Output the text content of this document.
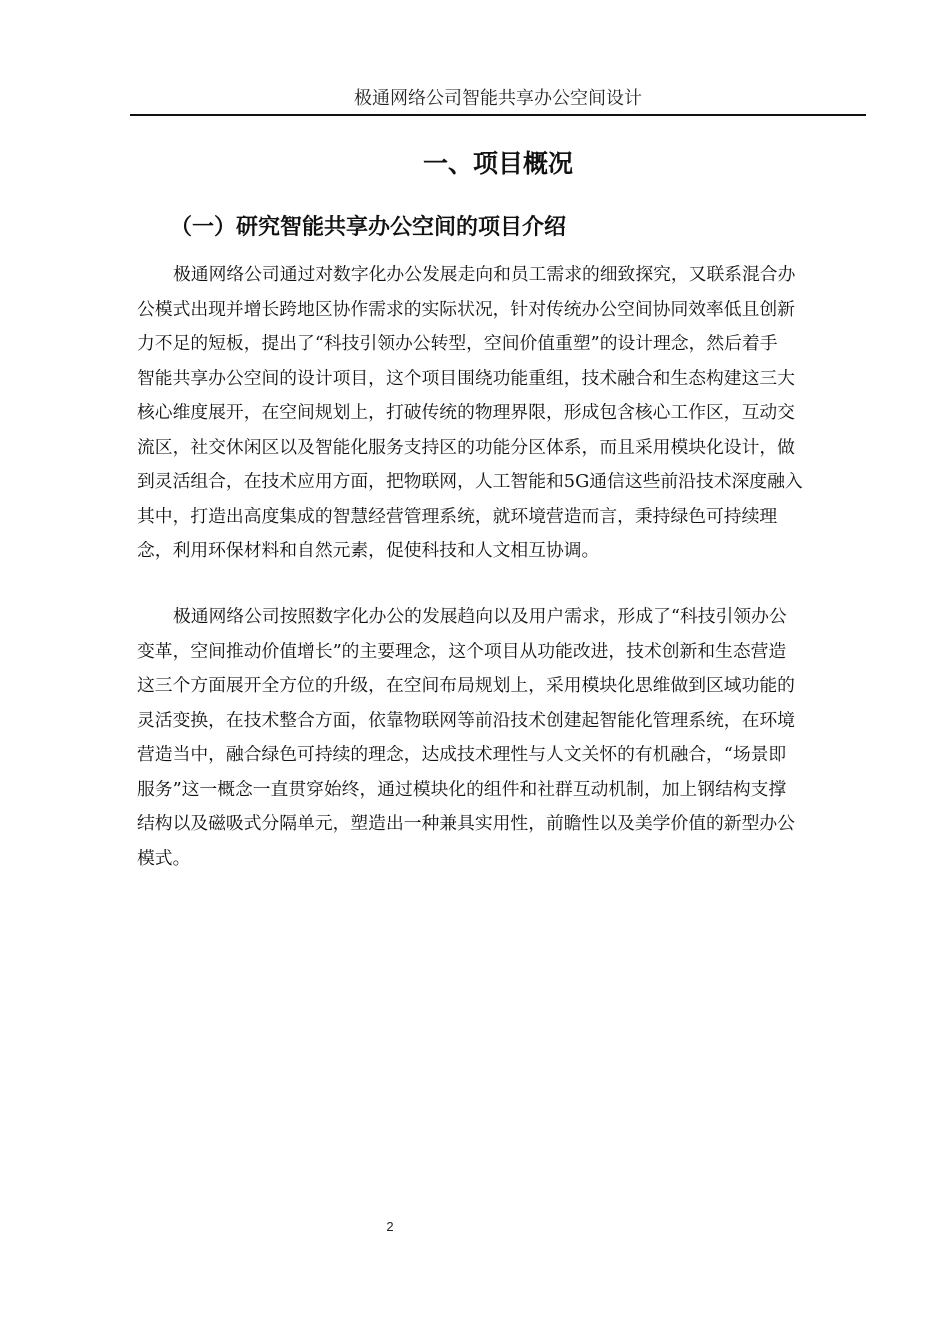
极通网络公司智能共享办公空间设计
一、项目概况
（一）研究智能共享办公空间的项目介绍
极通网络公司通过对数字化办公发展走向和员工需求的细致探究，又联系混合办
公模式出现并增长跨地区协作需求的实际状况，针对传统办公空间协同效率低且创新
力不足的短板，提出了“科技引领办公转型，空间价值重塑”的设计理念，然后着手
智能共享办公空间的设计项目，这个项目围绕功能重组，技术融合和生态构建这三大
核心维度展开，在空间规划上，打破传统的物理界限，形成包含核心工作区，互动交
流区，社交休闲区以及智能化服务支持区的功能分区体系，而且采用模块化设计，做
到灵活组合，在技术应用方面，把物联网，人工智能和5G通信这些前沿技术深度融入
其中，打造出高度集成的智慧经营管理系统，就环境营造而言，秉持绿色可持续理
念，利用环保材料和自然元素，促使科技和人文相互协调。
极通网络公司按照数字化办公的发展趋向以及用户需求，形成了“科技引领办公
变革，空间推动价值增长”的主要理念，这个项目从功能改进，技术创新和生态营造
这三个方面展开全方位的升级，在空间布局规划上，采用模块化思维做到区域功能的
灵活变换，在技术整合方面，依靠物联网等前沿技术创建起智能化管理系统，在环境
营造当中，融合绿色可持续的理念，达成技术理性与人文关怀的有机融合，“场景即
服务”这一概念一直贯穿始终，通过模块化的组件和社群互动机制，加上钢结构支撑
结构以及磁吸式分隔单元，塑造出一种兼具实用性，前瞻性以及美学价值的新型办公
模式。
2
